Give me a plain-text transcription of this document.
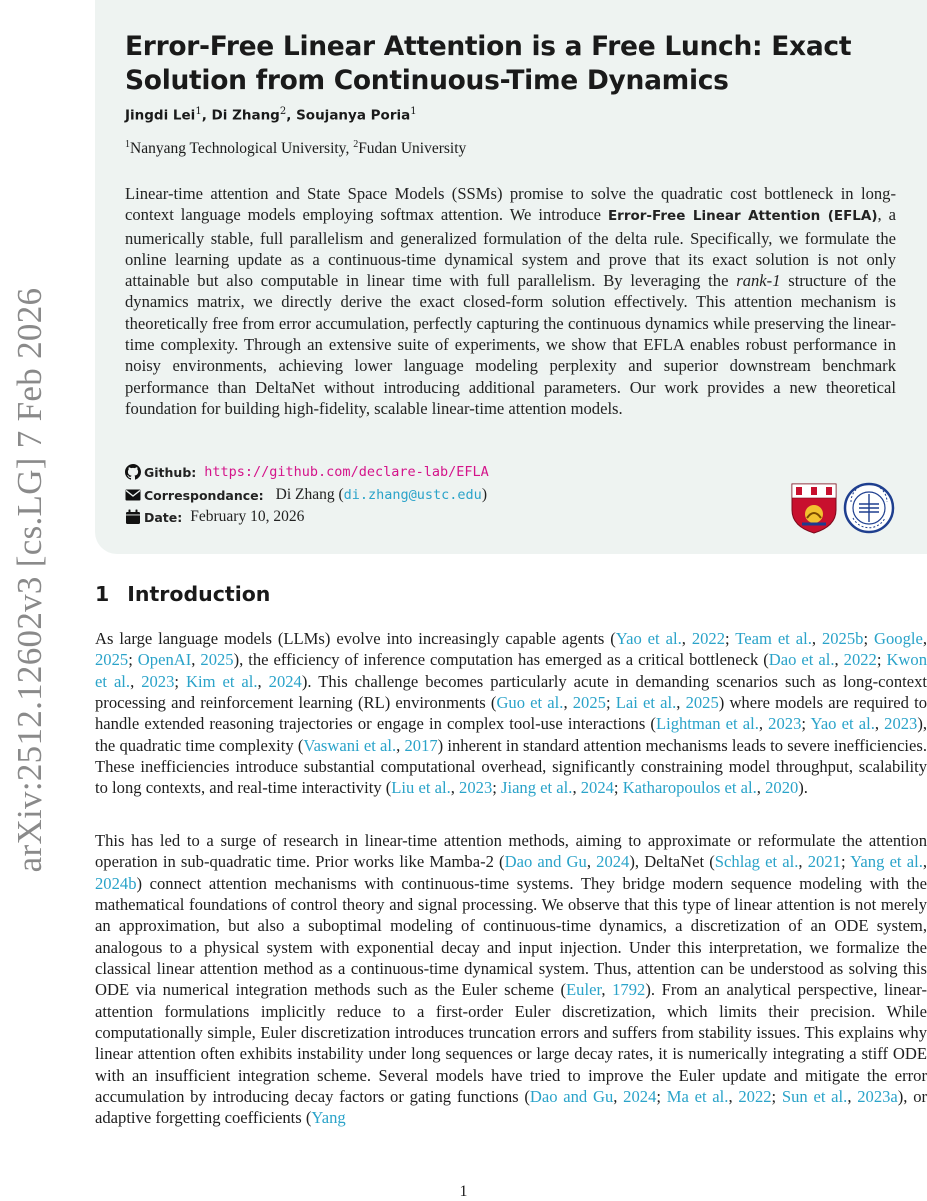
arXiv:2512.12602v3 [cs.LG] 7 Feb 2026
Error-Free Linear Attention is a Free Lunch: Exact Solution from Continuous-Time Dynamics
Jingdi Lei$^1$, Di Zhang$^2$, Soujanya Poria$^1$
$^1$Nanyang Technological University, $^2$Fudan University

Linear-time attention and State Space Models (SSMs) promise to solve the quadratic cost bottleneck in long-context language models employing softmax attention. We introduce Error-Free Linear Attention (EFLA), a numerically stable, full parallelism and generalized formulation of the delta rule. Specifically, we formulate the online learning update as a continuous-time dynamical system and prove that its exact solution is not only attainable but also computable in linear time with full parallelism. By leveraging the rank-1 structure of the dynamics matrix, we directly derive the exact closed-form solution effectively. This attention mechanism is theoretically free from error accumulation, perfectly capturing the continuous dynamics while preserving the linear-time complexity. Through an extensive suite of experiments, we show that EFLA enables robust performance in noisy environments, achieving lower language modeling perplexity and superior downstream benchmark performance than DeltaNet without introducing additional parameters. Our work provides a new theoretical foundation for building high-fidelity, scalable linear-time attention models.

Github: https://github.com/declare-lab/EFLA
Correspondance: Di Zhang ( di.zhang@ustc.edu )
Date: February 10, 2026
1 Introduction

As large language models (LLMs) evolve into increasingly capable agents (Yao et al., 2022; Team et al., 2025b; Google, 2025; OpenAI, 2025), the efficiency of inference computation has emerged as a critical bottleneck (Dao et al., 2022; Kwon et al., 2023; Kim et al., 2024). This challenge becomes particularly acute in demanding scenarios such as long-context processing and reinforcement learning (RL) environments (Guo et al., 2025; Lai et al., 2025) where models are required to handle extended reasoning trajectories or engage in complex tool-use interactions (Lightman et al., 2023; Yao et al., 2023), the quadratic time complexity (Vaswani et al., 2017) inherent in standard attention mechanisms leads to severe inefficiencies. These inefficiencies introduce substantial computational overhead, significantly constraining model throughput, scalability to long contexts, and real-time interactivity (Liu et al., 2023; Jiang et al., 2024; Katharopoulos et al., 2020).

This has led to a surge of research in linear-time attention methods, aiming to approximate or reformulate the attention operation in sub-quadratic time. Prior works like Mamba-2 (Dao and Gu, 2024), DeltaNet (Schlag et al., 2021; Yang et al., 2024b) connect attention mechanisms with continuous-time systems. They bridge modern sequence modeling with the mathematical foundations of control theory and signal processing. We observe that this type of linear attention is not merely an approximation, but also a suboptimal modeling of continuous-time dynamics, a discretization of an ODE system, analogous to a physical system with exponential decay and input injection. Under this interpretation, we formalize the classical linear attention method as a continuous-time dynamical system. Thus, attention can be understood as solving this ODE via numerical integration methods such as the Euler scheme (Euler, 1792). From an analytical perspective, linear-attention formulations implicitly reduce to a first-order Euler discretization, which limits their precision. While computationally simple, Euler discretization introduces truncation errors and suffers from stability issues. This explains why linear attention often exhibits instability under long sequences or large decay rates, it is numerically integrating a stiff ODE with an insufficient integration scheme. Several models have tried to improve the Euler update and mitigate the error accumulation by introducing decay factors or gating functions (Dao and Gu, 2024; Ma et al., 2022; Sun et al., 2023a), or adaptive forgetting coefficients (Yang

1
